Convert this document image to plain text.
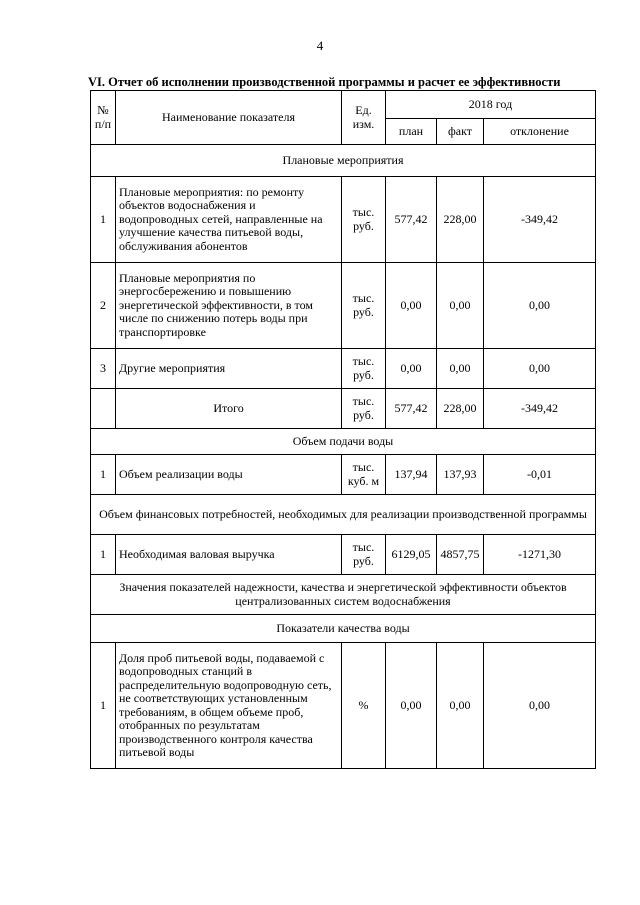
4
VI. Отчет об исполнении производственной программы и расчет ее эффективности
№ п/п	Наименование показателя	Ед. изм.	2018 год		
			план	факт	отклонение
Плановые мероприятия					
1	Плановые мероприятия: по ремонту объектов водоснабжения и водопроводных сетей, направленные на улучшение качества питьевой воды, обслуживания абонентов	тыс. руб.	577,42	228,00	-349,42
2	Плановые мероприятия по энергосбережению и повышению энергетической эффективности, в том числе по снижению потерь воды при транспортировке	тыс. руб.	0,00	0,00	0,00
3	Другие мероприятия	тыс. руб.	0,00	0,00	0,00
	Итого	тыс. руб.	577,42	228,00	-349,42
Объем подачи воды					
1	Объем реализации воды	тыс. куб. м	137,94	137,93	-0,01
Объем финансовых потребностей, необходимых для реализации производственной программы					
1	Необходимая валовая выручка	тыс. руб.	6129,05	4857,75	-1271,30
Значения показателей надежности, качества и энергетической эффективности объектов централизованных систем водоснабжения					
Показатели качества воды					
1	Доля проб питьевой воды, подаваемой с водопроводных станций в распределительную водопроводную сеть, не соответствующих установленным требованиям, в общем объеме проб, отобранных по результатам производственного контроля качества питьевой воды	%	0,00	0,00	0,00
